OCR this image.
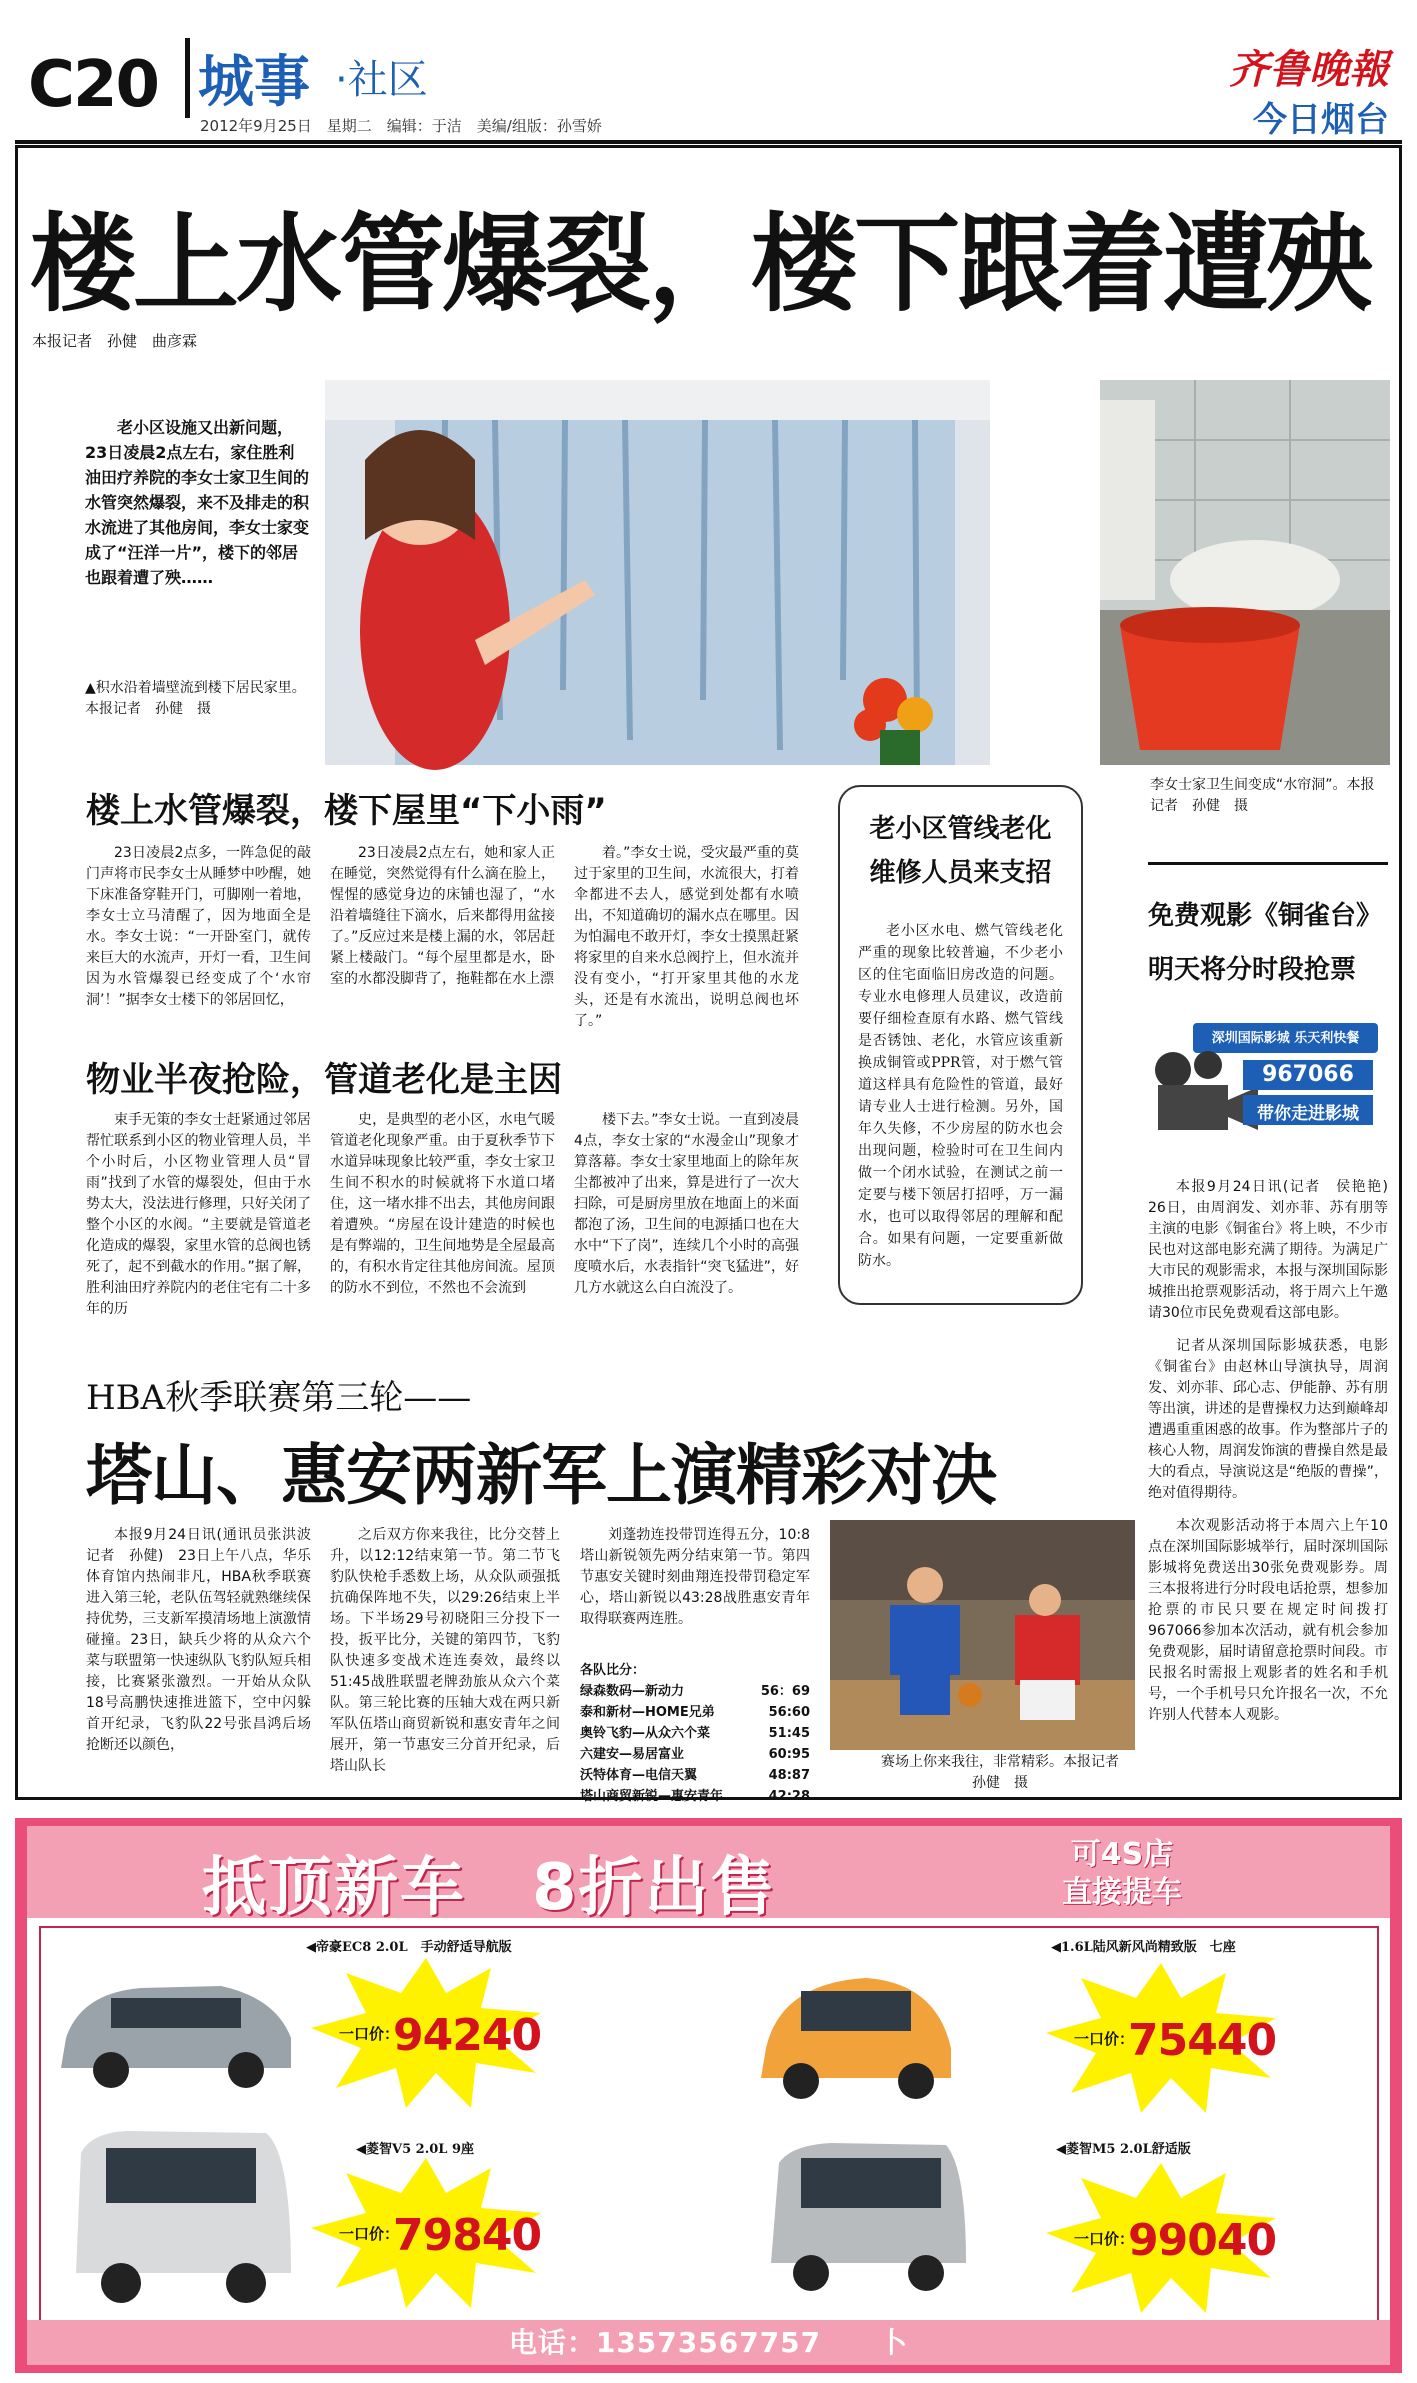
C20 城事 ·社区
2012年9月25日　星期二　编辑：于洁　美编/组版：孙雪娇
齐鲁晚報
今日烟台
楼上水管爆裂，楼下跟着遭殃
本报记者　孙健　曲彦霖
老小区设施又出新问题，23日凌晨2点左右，家住胜利油田疗养院的李女士家卫生间的水管突然爆裂，来不及排走的积水流进了其他房间，李女士家变成了“汪洋一片”，楼下的邻居也跟着遭了殃……
▲积水沿着墙壁流到楼下居民家里。　本报记者　孙健　摄
李女士家卫生间变成“水帘洞”。本报记者　孙健　摄
楼上水管爆裂，楼下屋里“下小雨”

23日凌晨2点多，一阵急促的敲门声将市民李女士从睡梦中吵醒，她下床准备穿鞋开门，可脚刚一着地，李女士立马清醒了，因为地面全是水。李女士说：“一开卧室门，就传来巨大的水流声，开灯一看，卫生间因为水管爆裂已经变成了个‘水帘洞’！”据李女士楼下的邻居回忆，

23日凌晨2点左右，她和家人正在睡觉，突然觉得有什么滴在脸上，惺惺的感觉身边的床铺也湿了，“水沿着墙缝往下滴水，后来都得用盆接了。”反应过来是楼上漏的水，邻居赶紧上楼敲门。“每个屋里都是水，卧室的水都没脚背了，拖鞋都在水上漂

着。”李女士说，受灾最严重的莫过于家里的卫生间，水流很大，打着伞都进不去人，感觉到处都有水喷出，不知道确切的漏水点在哪里。因为怕漏电不敢开灯，李女士摸黑赶紧将家里的自来水总阀拧上，但水流并没有变小，“打开家里其他的水龙头，还是有水流出，说明总阀也坏了。”

物业半夜抢险，管道老化是主因

束手无策的李女士赶紧通过邻居帮忙联系到小区的物业管理人员，半个小时后，小区物业管理人员“冒雨”找到了水管的爆裂处，但由于水势太大，没法进行修理，只好关闭了整个小区的水阀。“主要就是管道老化造成的爆裂，家里水管的总阀也锈死了，起不到截水的作用。”据了解，胜利油田疗养院内的老住宅有二十多年的历

史，是典型的老小区，水电气暖管道老化现象严重。由于夏秋季节下水道异味现象比较严重，李女士家卫生间不积水的时候就将下水道口堵住，这一堵水排不出去，其他房间跟着遭殃。“房屋在设计建造的时候也是有弊端的，卫生间地势是全屋最高的，有积水肯定往其他房间流。屋顶的防水不到位，不然也不会流到

楼下去。”李女士说。一直到凌晨4点，李女士家的“水漫金山”现象才算落幕。李女士家里地面上的除年灰尘都被冲了出来，算是进行了一次大扫除，可是厨房里放在地面上的米面都泡了汤，卫生间的电源插口也在大水中“下了岗”，连续几个小时的高强度喷水后，水表指针“突飞猛进”，好几方水就这么白白流没了。

老小区管线老化维修人员来支招
老小区水电、燃气管线老化严重的现象比较普遍，不少老小区的住宅面临旧房改造的问题。专业水电修理人员建议，改造前要仔细检查原有水路、燃气管线是否锈蚀、老化，水管应该重新换成铜管或PPR管，对于燃气管道这样具有危险性的管道，最好请专业人士进行检测。另外，国年久失修，不少房屋的防水也会出现问题，检验时可在卫生间内做一个闭水试验，在测试之前一定要与楼下领居打招呼，万一漏水，也可以取得邻居的理解和配合。如果有问题，一定要重新做防水。
免费观影《铜雀台》
明天将分时段抢票
深圳国际影城 乐天利快餐
967066
带你走进影城
本报9月24日讯(记者　侯艳艳)　26日，由周润发、刘亦菲、苏有朋等主演的电影《铜雀台》将上映，不少市民也对这部电影充满了期待。为满足广大市民的观影需求，本报与深圳国际影城推出抢票观影活动，将于周六上午邀请30位市民免费观看这部电影。
记者从深圳国际影城获悉，电影《铜雀台》由赵林山导演执导，周润发、刘亦菲、邱心志、伊能静、苏有朋等出演，讲述的是曹操权力达到巅峰却遭遇重重困惑的故事。作为整部片子的核心人物，周润发饰演的曹操自然是最大的看点，导演说这是“绝版的曹操”，绝对值得期待。
本次观影活动将于本周六上午10点在深圳国际影城举行，届时深圳国际影城将免费送出30张免费观影券。周三本报将进行分时段电话抢票，想参加抢票的市民只要在规定时间拨打967066参加本次活动，就有机会参加免费观影，届时请留意抢票时间段。市民报名时需报上观影者的姓名和手机号，一个手机号只允许报名一次，不允许别人代替本人观影。
HBA秋季联赛第三轮——
塔山、惠安两新军上演精彩对决

本报9月24日讯(通讯员张洪波　记者　孙健)　23日上午八点，华乐体育馆内热闹非凡，HBA秋季联赛进入第三轮，老队伍驾轻就熟继续保持优势，三支新军摸清场地上演激情碰撞。23日，缺兵少将的从众六个菜与联盟第一快速纵队飞豹队短兵相接，比赛紧张激烈。一开始从众队18号高鹏快速推进篮下，空中闪躲首开纪录，飞豹队22号张昌鸿后场抢断还以颜色，

之后双方你来我往，比分交替上升，以12:12结束第一节。第二节飞豹队快枪手悉数上场，从众队顽强抵抗确保阵地不失，以29:26结束上半场。下半场29号初晓阳三分投下一投，扳平比分，关键的第四节，飞豹队快速多变战术连连奏效，最终以51:45战胜联盟老牌劲旅从众六个菜队。第三轮比赛的压轴大戏在两只新军队伍塔山商贸新锐和惠安青年之间展开，第一节惠安三分首开纪录，后塔山队长

刘蓬勃连投带罚连得五分，10:8塔山新锐领先两分结束第一节。第四节惠安关键时刻曲翔连投带罚稳定军心，塔山新锐以43:28战胜惠安青年取得联赛两连胜。

各队比分：
绿森数码—新动力	56：69
泰和新材—HOME兄弟	56:60
奥铃飞豹—从众六个菜	51:45
六建安—易居富业	60:95
沃特体育—电信天翼	48:87
塔山商贸新锐—惠安青年	42:28
赛场上你来我往，非常精彩。本报记者　孙健　摄
抵顶新车　8折出售	可4S店
直接提车
◀帝豪EC8 2.0L　手动舒适导航版
一口价：
94240
◀1.6L陆风新风尚精致版　七座
一口价：
75440
◀菱智V5 2.0L 9座
一口价：
79840
◀菱智M5 2.0L舒适版
一口价：
99040
电话：13573567757　　卜
